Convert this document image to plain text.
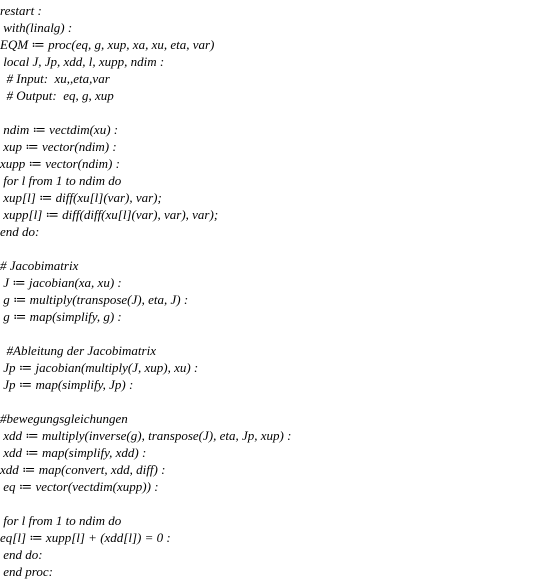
restart :
with(linalg) :
EQM ≔ proc(eq, g, xup, xa, xu, eta, var)
local J, Jp, xdd, l, xupp, ndim :
# Input:  xu,,eta,var
# Output:  eq, g, xup
ndim ≔ vectdim(xu) :
xup ≔ vector(ndim) :
xupp ≔ vector(ndim) :
for l from 1 to ndim do
xup[l] ≔ diff(xu[l](var), var);
xupp[l] ≔ diff(diff(xu[l](var), var), var);
end do:
# Jacobimatrix
J ≔ jacobian(xa, xu) :
g ≔ multiply(transpose(J), eta, J) :
g ≔ map(simplify, g) :
#Ableitung der Jacobimatrix
Jp ≔ jacobian(multiply(J, xup), xu) :
Jp ≔ map(simplify, Jp) :
#bewegungsgleichungen
xdd ≔ multiply(inverse(g), transpose(J), eta, Jp, xup) :
xdd ≔ map(simplify, xdd) :
xdd ≔ map(convert, xdd, diff) :
eq ≔ vector(vectdim(xupp)) :
for l from 1 to ndim do
eq[l] ≔ xupp[l] + (xdd[l]) = 0 :
end do:
end proc:
